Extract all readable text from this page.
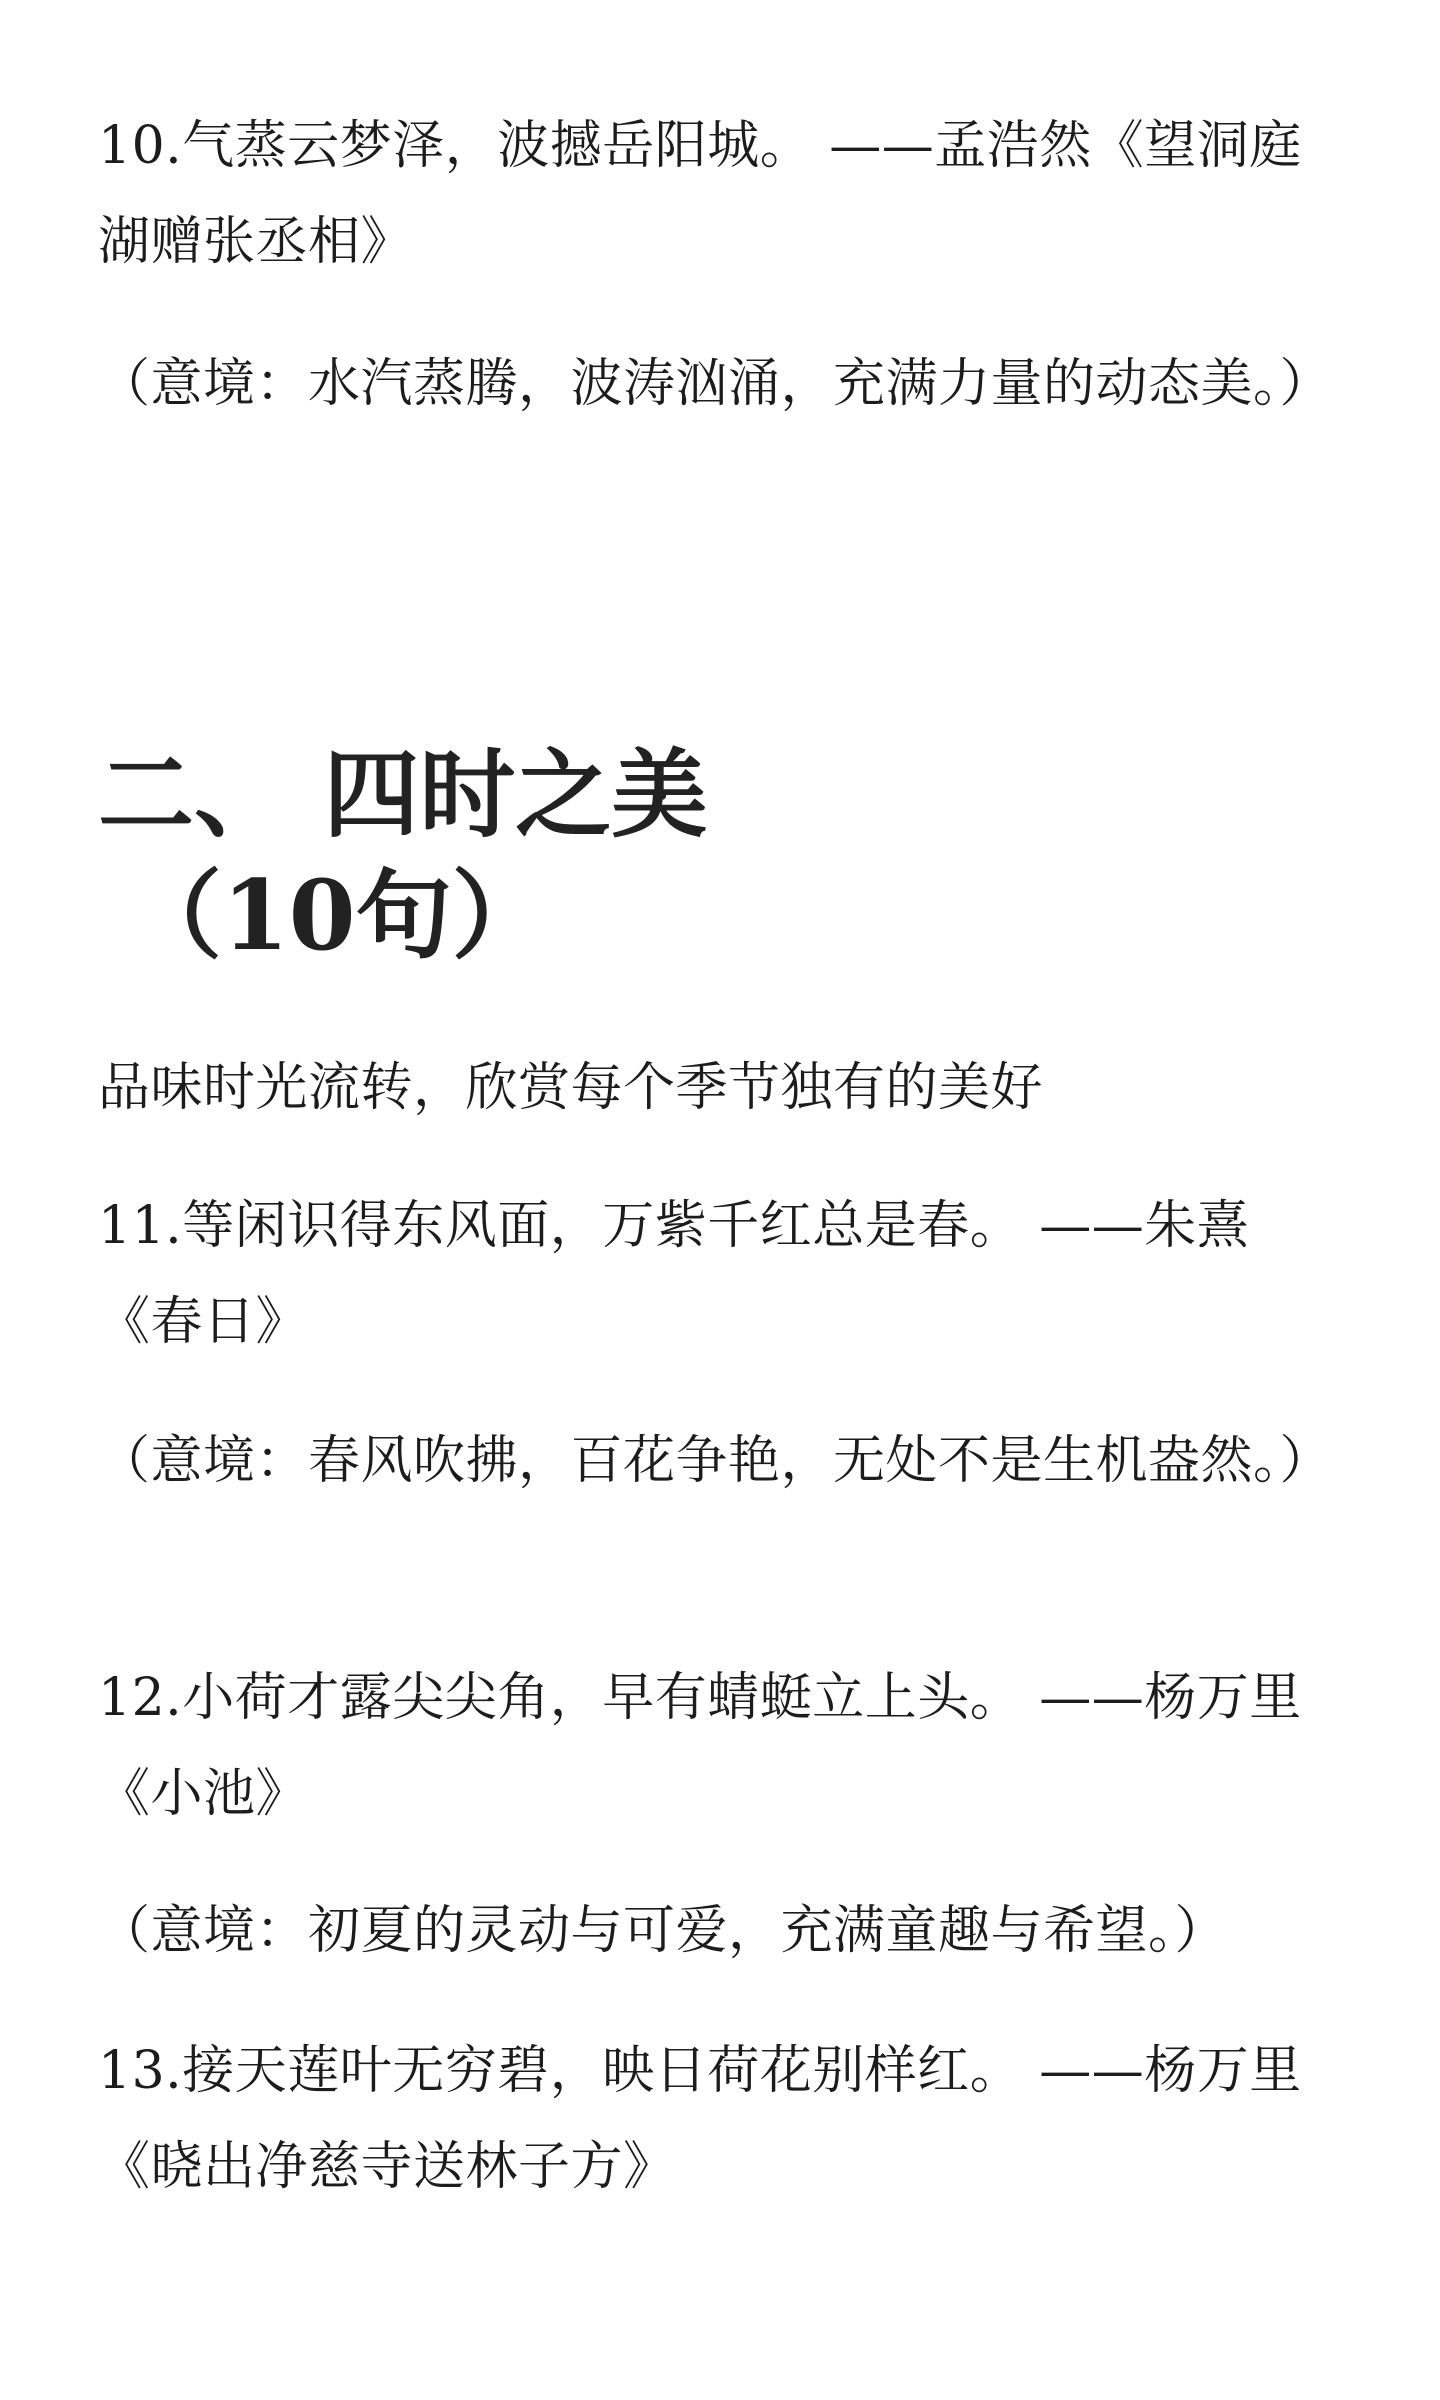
10.气蒸云梦泽，波撼岳阳城。 ——孟浩然《望洞庭湖赠张丞相》

（意境：水汽蒸腾，波涛汹涌，充满力量的动态美。）

二、 四时之美
（10句）

品味时光流转，欣赏每个季节独有的美好

11.等闲识得东风面，万紫千红总是春。 ——朱熹《春日》

（意境：春风吹拂，百花争艳，无处不是生机盎然。）

12.小荷才露尖尖角，早有蜻蜓立上头。 ——杨万里《小池》

（意境：初夏的灵动与可爱，充满童趣与希望。）

13.接天莲叶无穷碧，映日荷花别样红。 ——杨万里《晓出净慈寺送林子方》
